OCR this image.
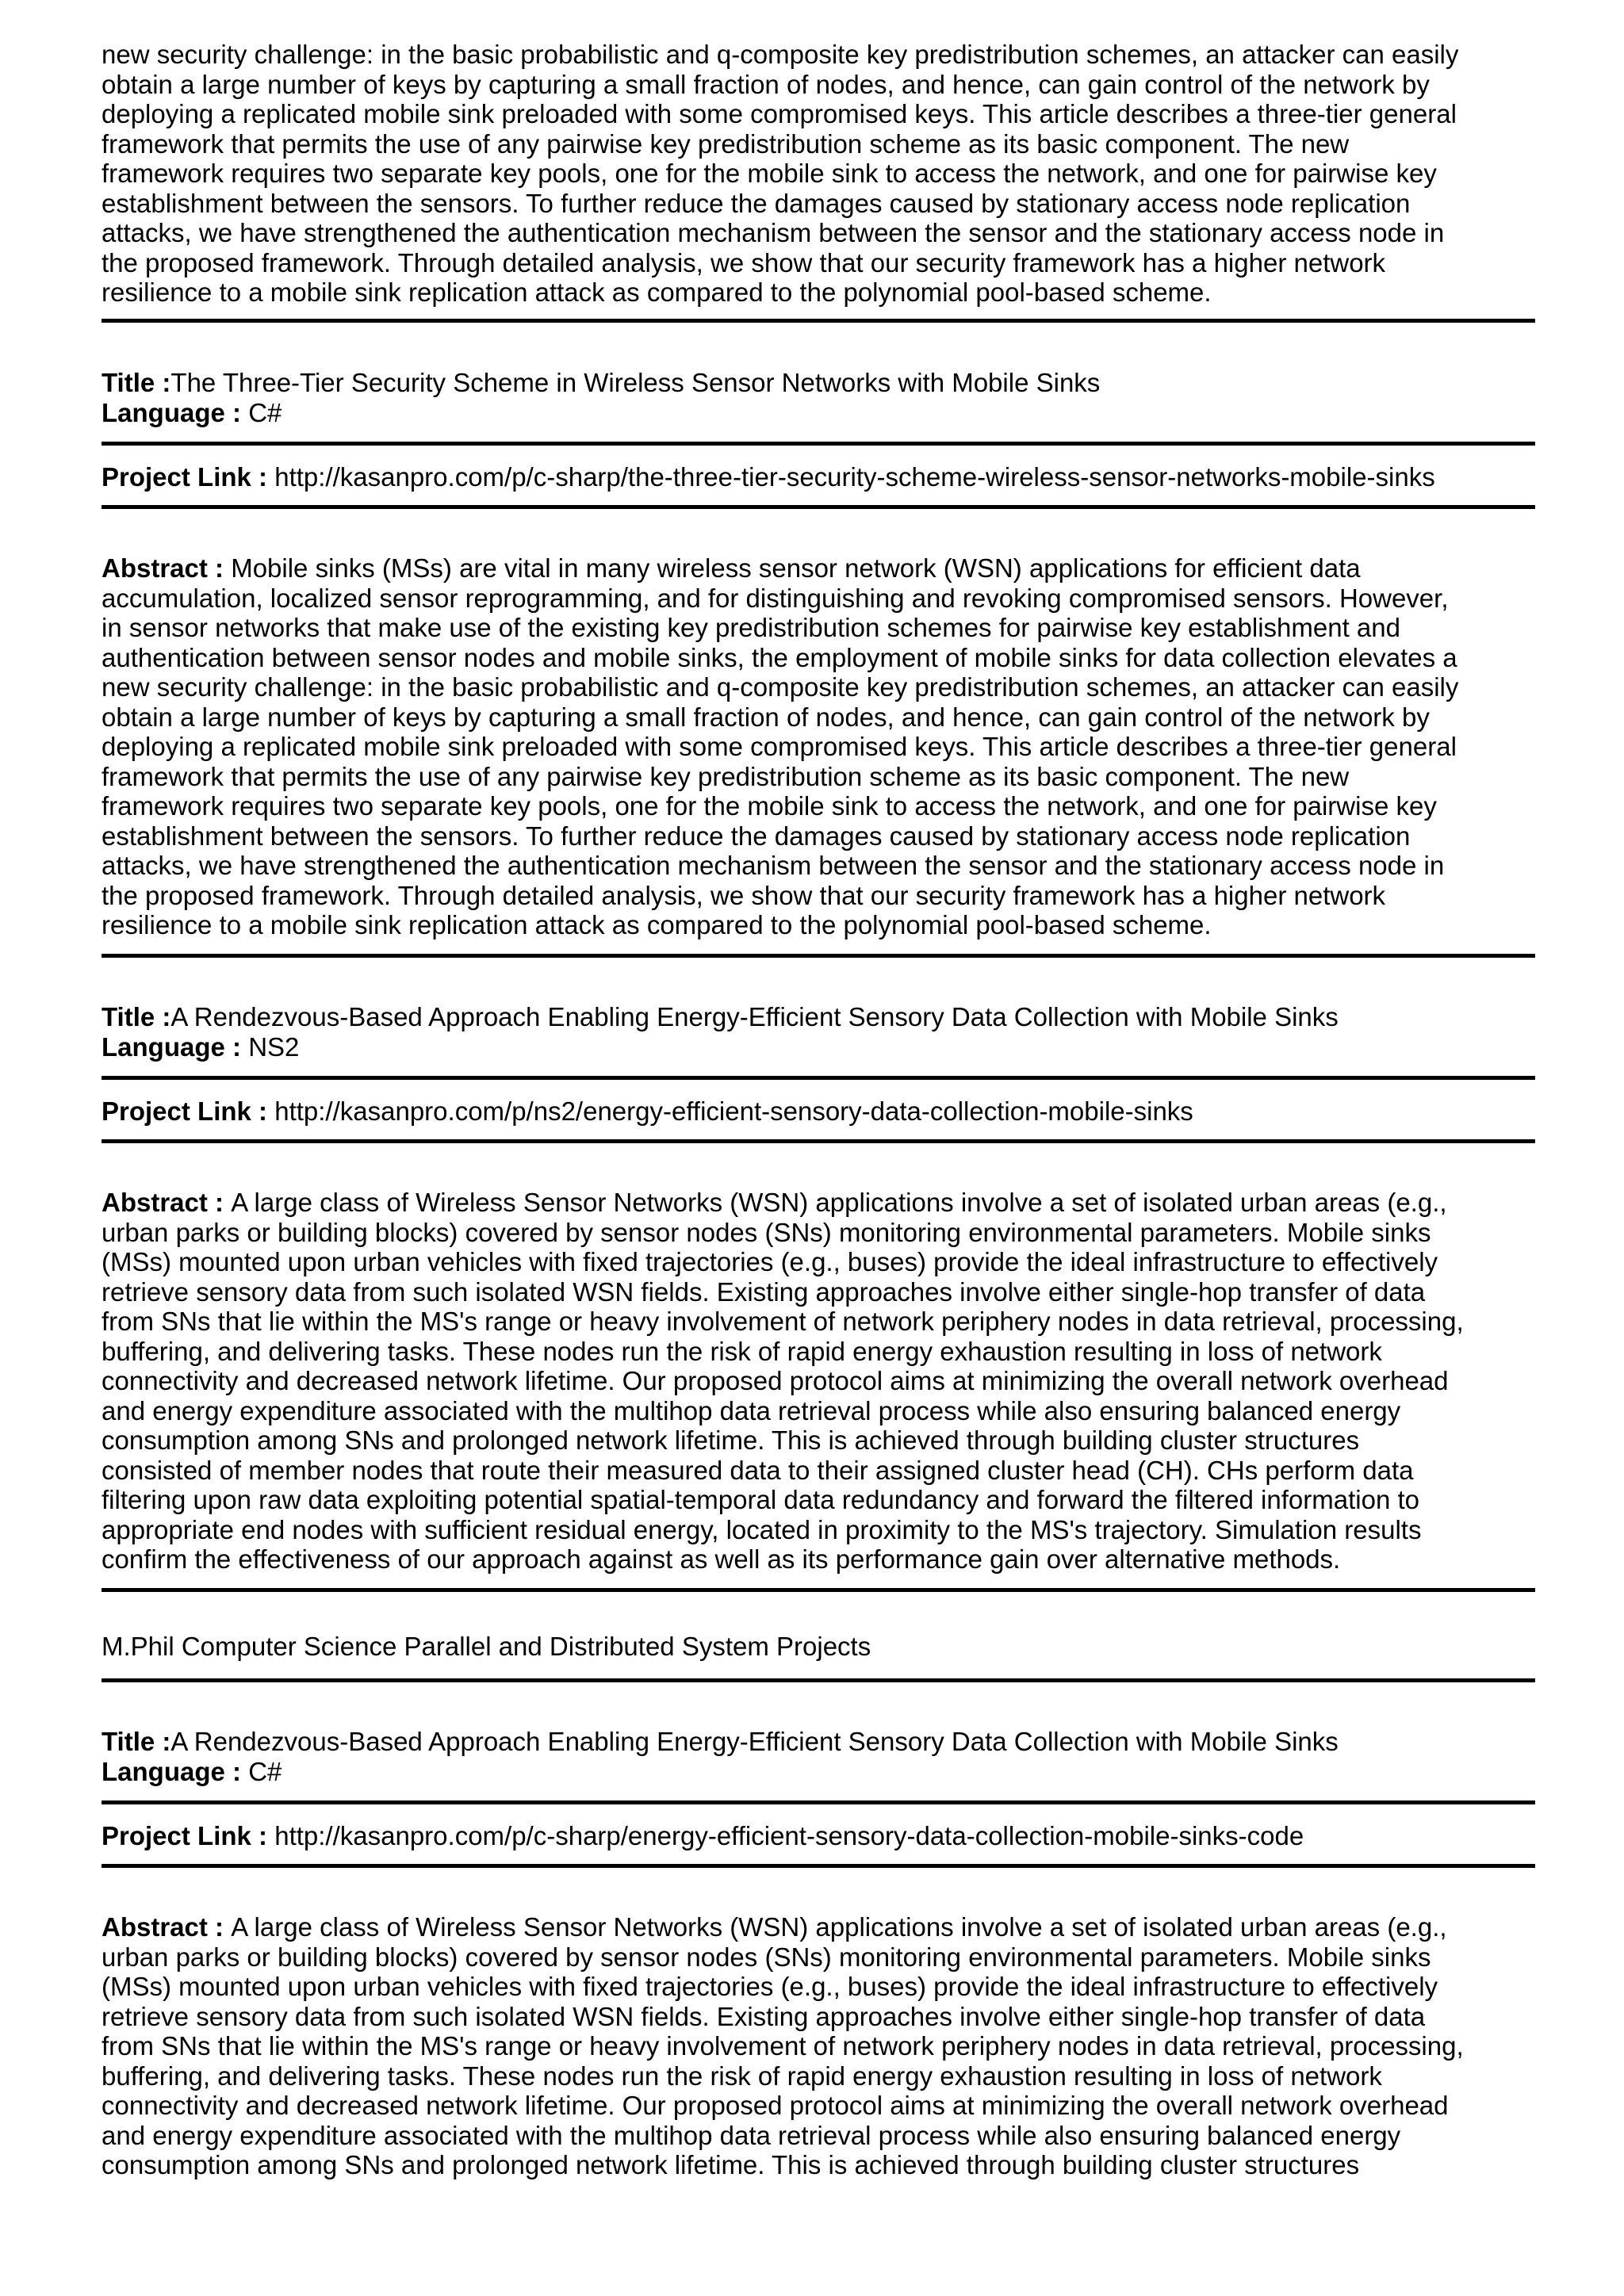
new security challenge: in the basic probabilistic and q-composite key predistribution schemes, an attacker can easily
obtain a large number of keys by capturing a small fraction of nodes, and hence, can gain control of the network by
deploying a replicated mobile sink preloaded with some compromised keys. This article describes a three-tier general
framework that permits the use of any pairwise key predistribution scheme as its basic component. The new
framework requires two separate key pools, one for the mobile sink to access the network, and one for pairwise key
establishment between the sensors. To further reduce the damages caused by stationary access node replication
attacks, we have strengthened the authentication mechanism between the sensor and the stationary access node in
the proposed framework. Through detailed analysis, we show that our security framework has a higher network
resilience to a mobile sink replication attack as compared to the polynomial pool-based scheme.

Title :The Three-Tier Security Scheme in Wireless Sensor Networks with Mobile Sinks
Language : C#
Project Link : http://kasanpro.com/p/c-sharp/the-three-tier-security-scheme-wireless-sensor-networks-mobile-sinks

Abstract : Mobile sinks (MSs) are vital in many wireless sensor network (WSN) applications for efficient data
accumulation, localized sensor reprogramming, and for distinguishing and revoking compromised sensors. However,
in sensor networks that make use of the existing key predistribution schemes for pairwise key establishment and
authentication between sensor nodes and mobile sinks, the employment of mobile sinks for data collection elevates a
new security challenge: in the basic probabilistic and q-composite key predistribution schemes, an attacker can easily
obtain a large number of keys by capturing a small fraction of nodes, and hence, can gain control of the network by
deploying a replicated mobile sink preloaded with some compromised keys. This article describes a three-tier general
framework that permits the use of any pairwise key predistribution scheme as its basic component. The new
framework requires two separate key pools, one for the mobile sink to access the network, and one for pairwise key
establishment between the sensors. To further reduce the damages caused by stationary access node replication
attacks, we have strengthened the authentication mechanism between the sensor and the stationary access node in
the proposed framework. Through detailed analysis, we show that our security framework has a higher network
resilience to a mobile sink replication attack as compared to the polynomial pool-based scheme.

Title :A Rendezvous-Based Approach Enabling Energy-Efficient Sensory Data Collection with Mobile Sinks
Language : NS2
Project Link : http://kasanpro.com/p/ns2/energy-efficient-sensory-data-collection-mobile-sinks

Abstract : A large class of Wireless Sensor Networks (WSN) applications involve a set of isolated urban areas (e.g.,
urban parks or building blocks) covered by sensor nodes (SNs) monitoring environmental parameters. Mobile sinks
(MSs) mounted upon urban vehicles with fixed trajectories (e.g., buses) provide the ideal infrastructure to effectively
retrieve sensory data from such isolated WSN fields. Existing approaches involve either single-hop transfer of data
from SNs that lie within the MS's range or heavy involvement of network periphery nodes in data retrieval, processing,
buffering, and delivering tasks. These nodes run the risk of rapid energy exhaustion resulting in loss of network
connectivity and decreased network lifetime. Our proposed protocol aims at minimizing the overall network overhead
and energy expenditure associated with the multihop data retrieval process while also ensuring balanced energy
consumption among SNs and prolonged network lifetime. This is achieved through building cluster structures
consisted of member nodes that route their measured data to their assigned cluster head (CH). CHs perform data
filtering upon raw data exploiting potential spatial-temporal data redundancy and forward the filtered information to
appropriate end nodes with sufficient residual energy, located in proximity to the MS's trajectory. Simulation results
confirm the effectiveness of our approach against as well as its performance gain over alternative methods.

M.Phil Computer Science Parallel and Distributed System Projects
Title :A Rendezvous-Based Approach Enabling Energy-Efficient Sensory Data Collection with Mobile Sinks
Language : C#
Project Link : http://kasanpro.com/p/c-sharp/energy-efficient-sensory-data-collection-mobile-sinks-code

Abstract : A large class of Wireless Sensor Networks (WSN) applications involve a set of isolated urban areas (e.g.,
urban parks or building blocks) covered by sensor nodes (SNs) monitoring environmental parameters. Mobile sinks
(MSs) mounted upon urban vehicles with fixed trajectories (e.g., buses) provide the ideal infrastructure to effectively
retrieve sensory data from such isolated WSN fields. Existing approaches involve either single-hop transfer of data
from SNs that lie within the MS's range or heavy involvement of network periphery nodes in data retrieval, processing,
buffering, and delivering tasks. These nodes run the risk of rapid energy exhaustion resulting in loss of network
connectivity and decreased network lifetime. Our proposed protocol aims at minimizing the overall network overhead
and energy expenditure associated with the multihop data retrieval process while also ensuring balanced energy
consumption among SNs and prolonged network lifetime. This is achieved through building cluster structures
